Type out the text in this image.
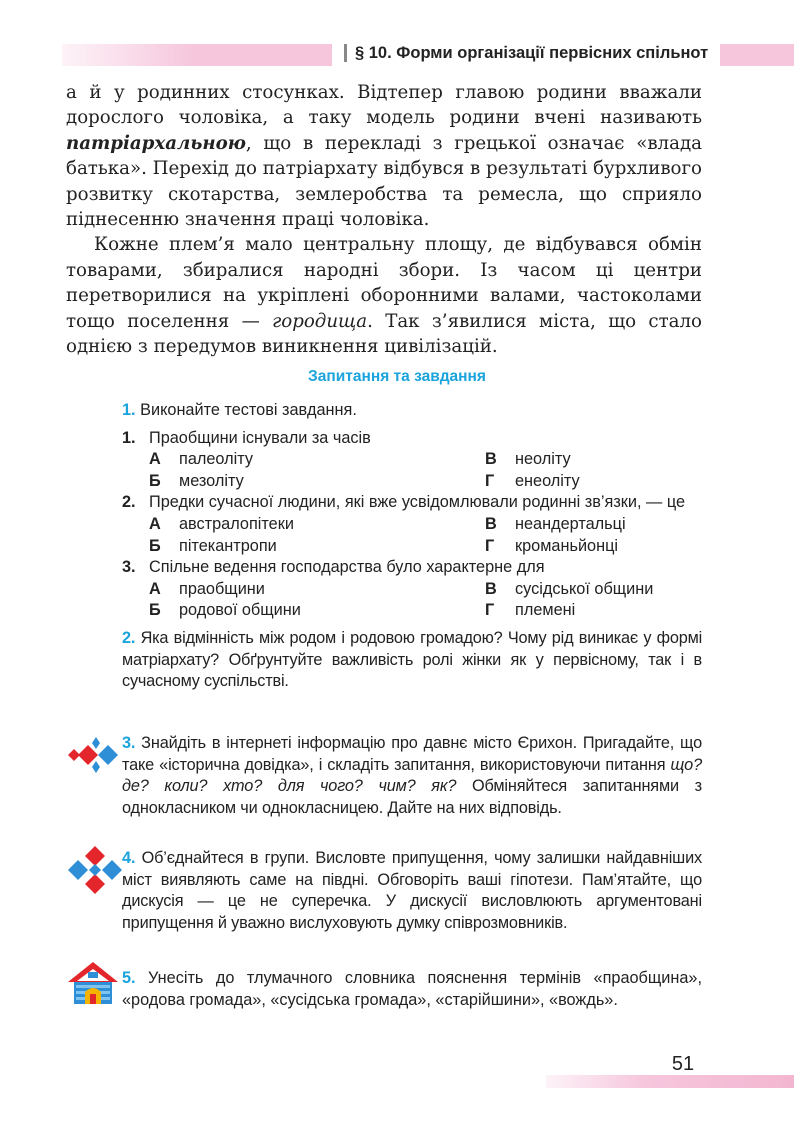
§ 10. Форми організації первісних спільнот

а й у родинних стосунках. Відтепер главою родини вважали дорослого чоловіка, а таку модель родини вчені називають патріархальною, що в перекладі з грецької означає «влада батька». Перехід до патріархату відбувся в результаті бурхливого розвитку скотарства, землеробства та ремесла, що сприяло піднесенню значення праці чоловіка.

Кожне плем’я мало центральну площу, де відбувався обмін товарами, збиралися народні збори. Із часом ці центри перетворилися на укріплені оборонними валами, частоколами тощо поселення — городища. Так з’явилися міста, що стало однією з передумов виникнення цивілізацій.

Запитання та завдання
1. Виконайте тестові завдання.
1. Праобщини існували за часів
А палеоліту	В неоліту
Б мезоліту	Г енеоліту
2. Предки сучасної людини, які вже усвідомлювали родинні зв’язки, — це
А австралопітеки	В неандертальці
Б пітекантропи	Г кроманьйонці
3. Спільне ведення господарства було характерне для
А праобщини	В сусідської общини
Б родової общини	Г племені
2. Яка відмінність між родом і родовою громадою? Чому рід виникає у формі матріархату? Обґрунтуйте важливість ролі жінки як у первісному, так і в сучасному суспільстві.
3. Знайдіть в інтернеті інформацію про давнє місто Єрихон. Пригадайте, що таке «історична довідка», і складіть запитання, використовуючи питання що? де? коли? хто? для чого? чим? як? Обміняйтеся запитаннями з однокласником чи однокласницею. Дайте на них відповідь.
4. Об’єднайтеся в групи. Висловте припущення, чому залишки найдавніших міст виявляють саме на півдні. Обговоріть ваші гіпотези. Пам’ятайте, що дискусія — це не суперечка. У дискусії висловлюють аргументовані припущення й уважно вислуховують думку співрозмовників.
5. Унесіть до тлумачного словника пояснення термінів «праобщина», «родова громада», «сусідська громада», «старійшини», «вождь».
51
